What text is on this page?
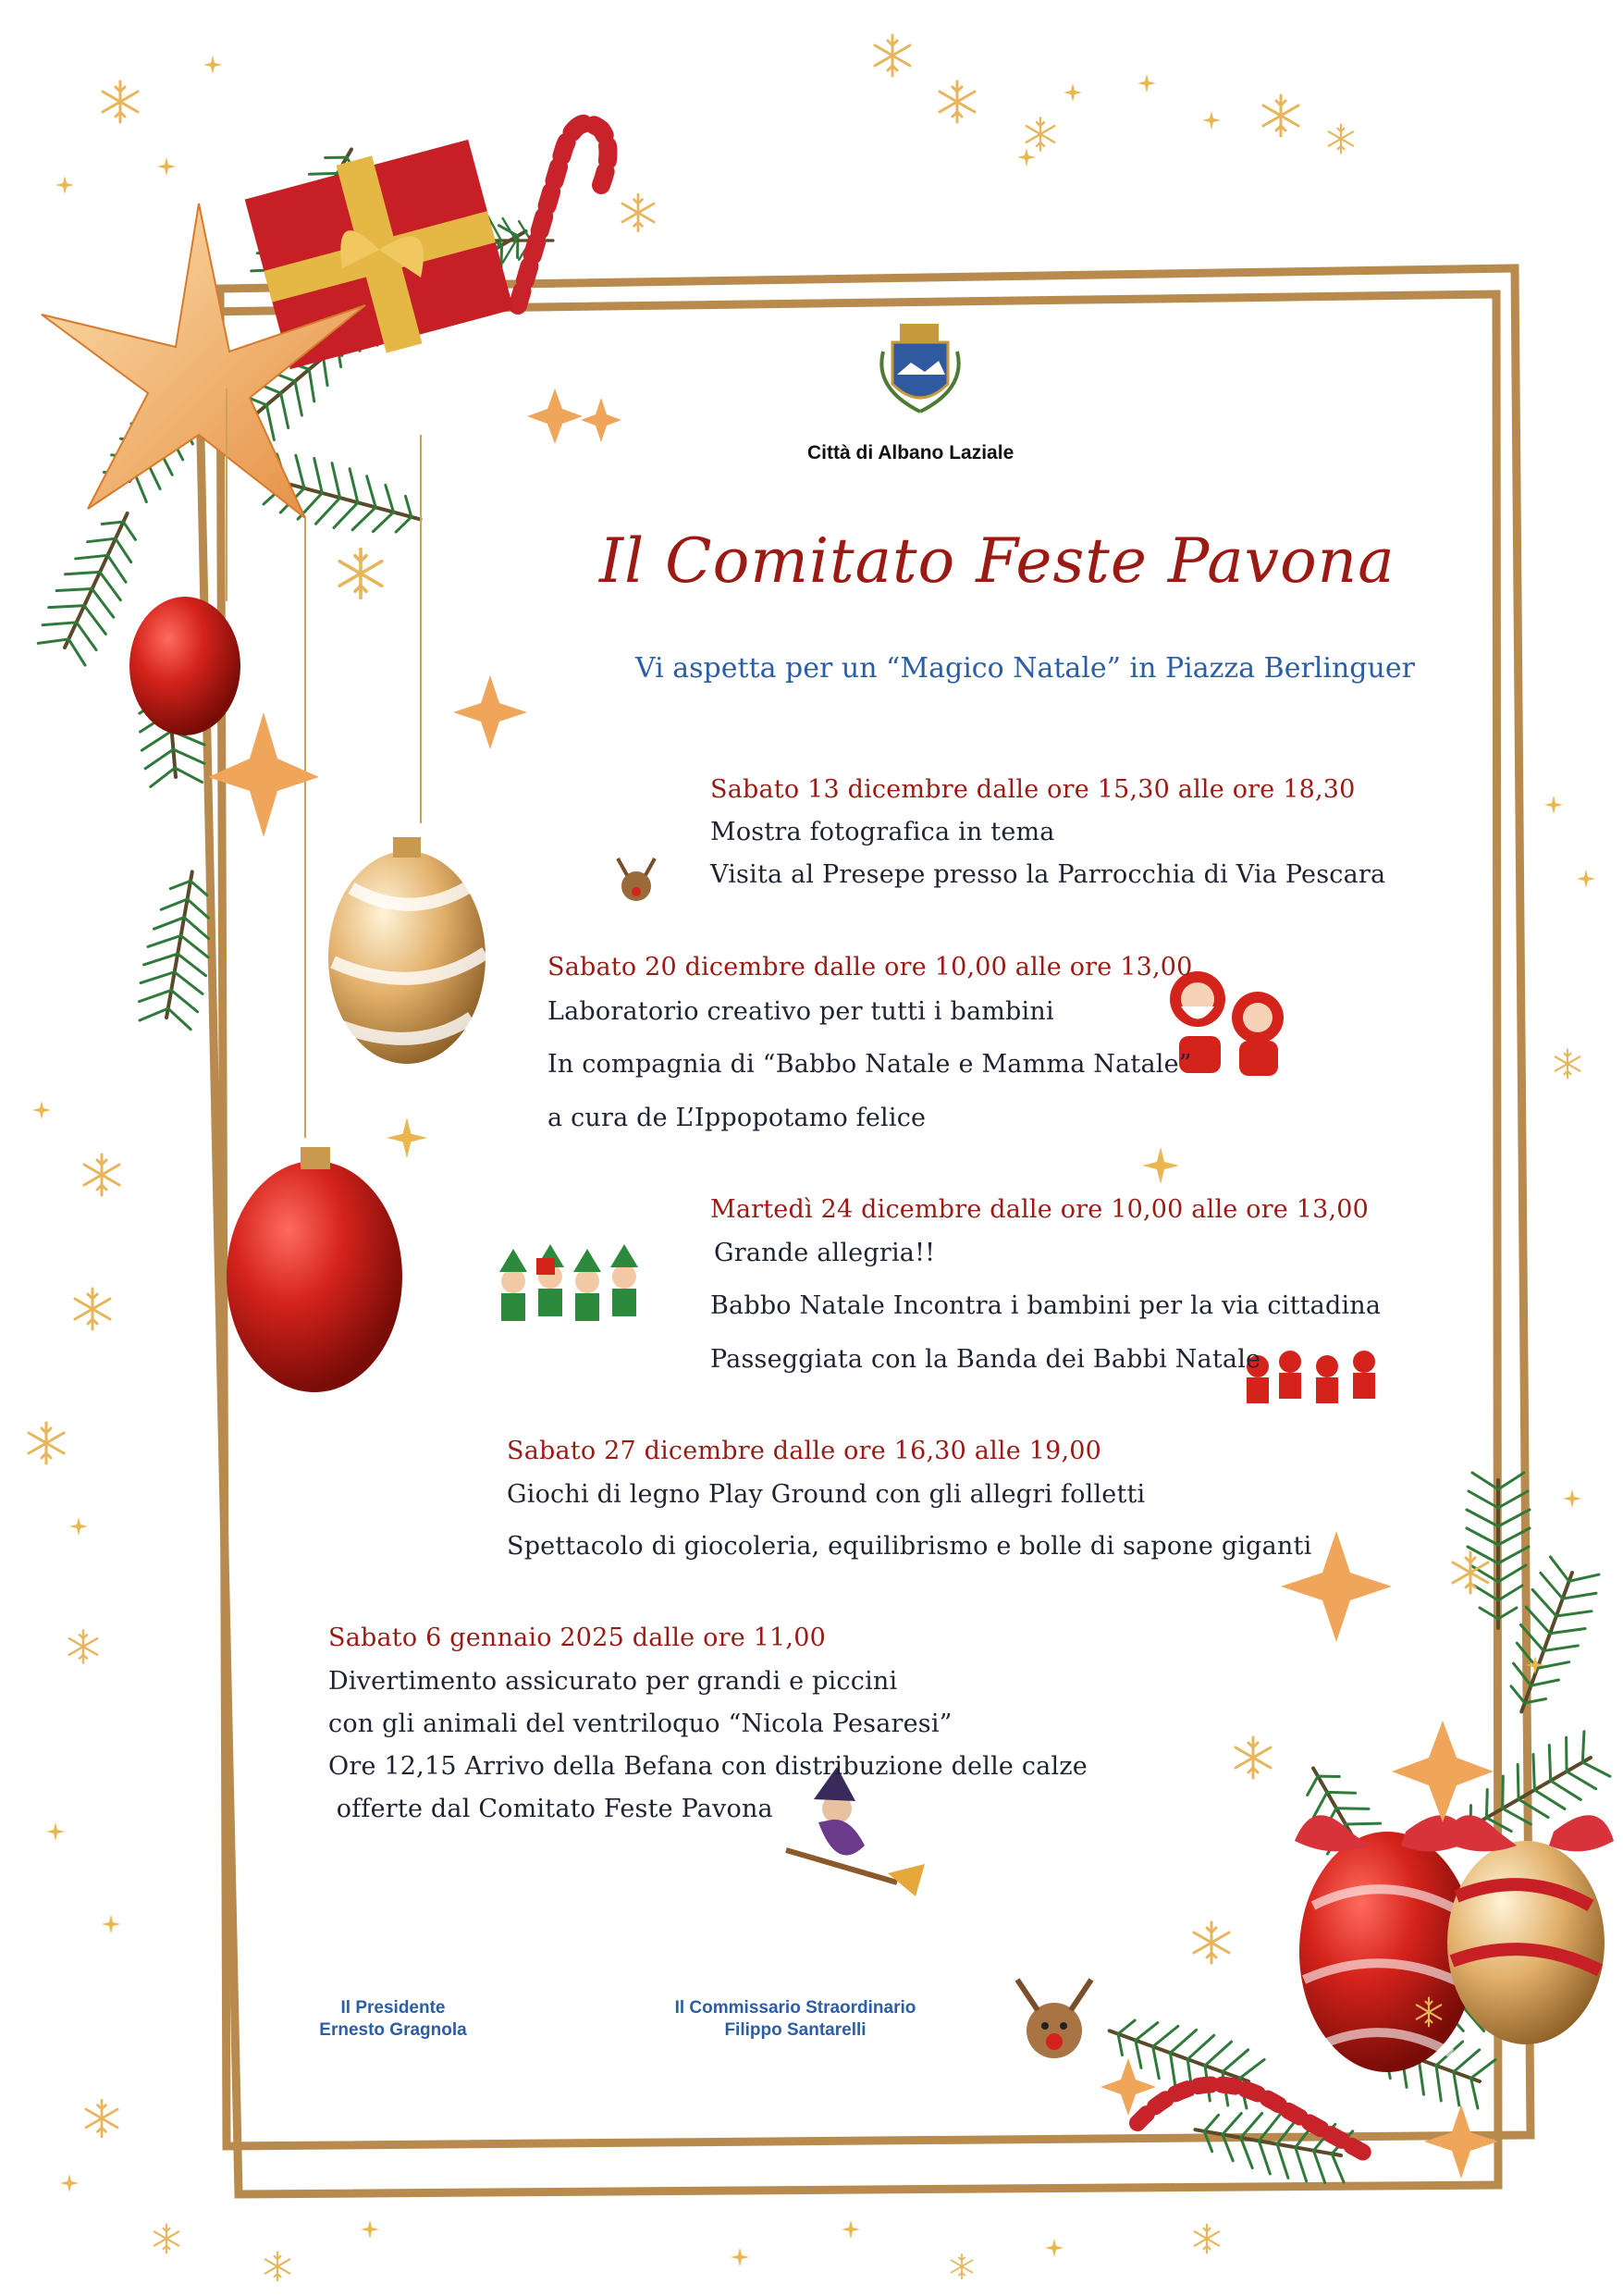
Città di Albano Laziale
Il Comitato Feste Pavona
Vi aspetta per un “Magico Natale” in Piazza Berlinguer
Sabato 13 dicembre dalle ore 15,30 alle ore 18,30
Mostra fotografica in tema
Visita al Presepe presso la Parrocchia di Via Pescara
Sabato 20 dicembre dalle ore 10,00 alle ore 13,00
Laboratorio creativo per tutti i bambini
In compagnia di “Babbo Natale e Mamma Natale”
a cura de L’Ippopotamo felice
Martedì 24 dicembre dalle ore 10,00 alle ore 13,00
Grande allegria!!
Babbo Natale Incontra i bambini per la via cittadina
Passeggiata con la Banda dei Babbi Natale
Sabato 27 dicembre dalle ore 16,30 alle 19,00
Giochi di legno Play Ground con gli allegri folletti
Spettacolo di giocoleria, equilibrismo e bolle di sapone giganti
Sabato 6 gennaio 2025 dalle ore 11,00
Divertimento assicurato per grandi e piccini
con gli animali del ventriloquo “Nicola Pesaresi”
Ore 12,15 Arrivo della Befana con distribuzione delle calze
offerte dal Comitato Feste Pavona
Il Presidente
Ernesto Gragnola
Il Commissario Straordinario
Filippo Santarelli
